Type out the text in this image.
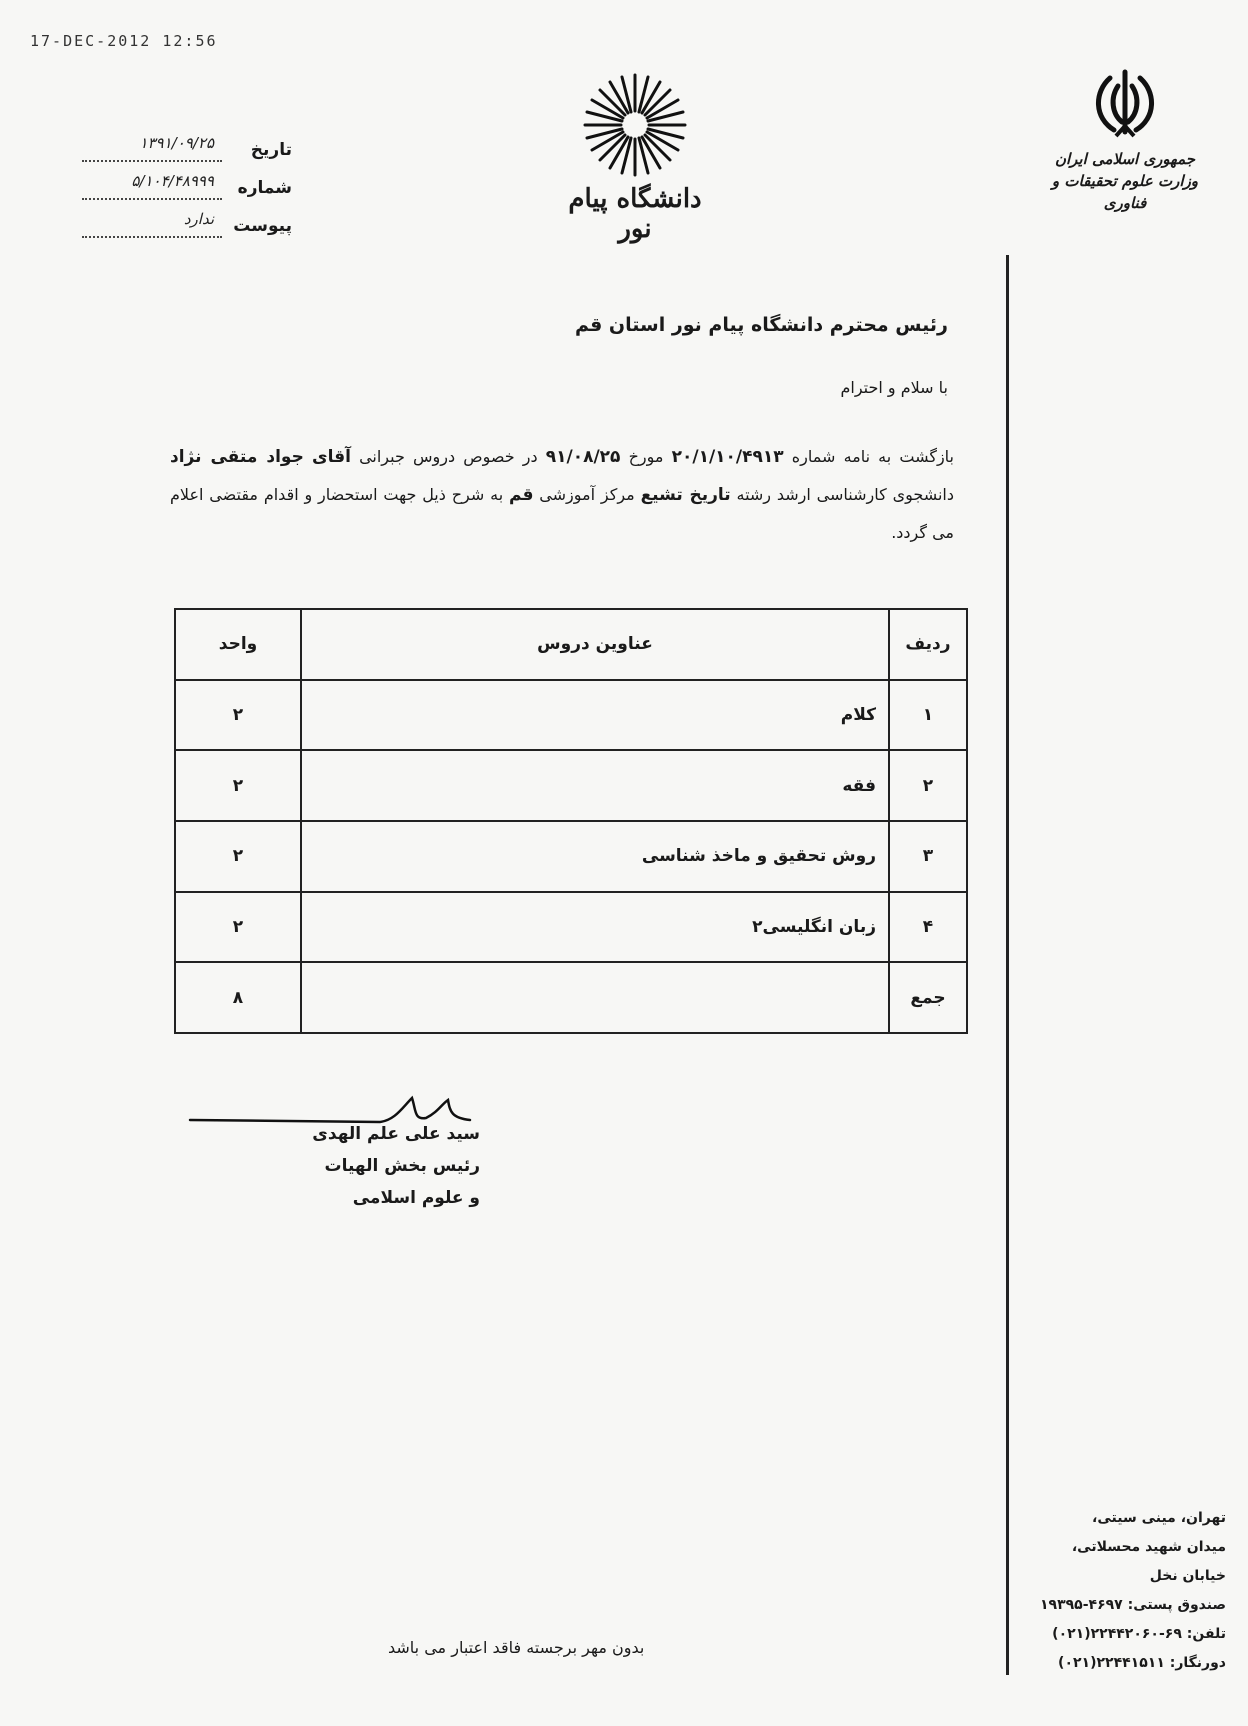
17-DEC-2012 12:56
تاریخ
۱۳۹۱/۰۹/۲۵
شماره
۵/۱۰۴/۴۸۹۹۹
پیوست
ندارد
دانشگاه پیام نور
جمهوری اسلامی ایران
وزارت علوم تحقیقات و فناوری
رئیس محترم دانشگاه پیام نور استان قم
با سلام و احترام
بازگشت به نامه شماره ۲۰/۱/۱۰/۴۹۱۳ مورخ ۹۱/۰۸/۲۵ در خصوص دروس جبرانی آقای جواد متقی نژاد دانشجوی کارشناسی ارشد رشته تاریخ تشیع مرکز آموزشی قم به شرح ذیل جهت استحضار و اقدام مقتضی اعلام می گردد.
ردیف	عناوین دروس	واحد
۱	کلام	۲
۲	فقه	۲
۳	روش تحقیق و ماخذ شناسی	۲
۴	زبان انگلیسی۲	۲
جمع		۸
سید علی علم الهدی
رئیس بخش الهیات
و علوم اسلامی
تهران، مینی سیتی،
میدان شهید محسلاتی،
خیابان نخل
صندوق پستی: ۴۶۹۷-۱۹۳۹۵
تلفن: ۶۹-۲۲۴۴۲۰۶۰(۰۲۱)
دورنگار: ۲۲۴۴۱۵۱۱(۰۲۱)
بدون مهر برجسته فاقد اعتبار می باشد
